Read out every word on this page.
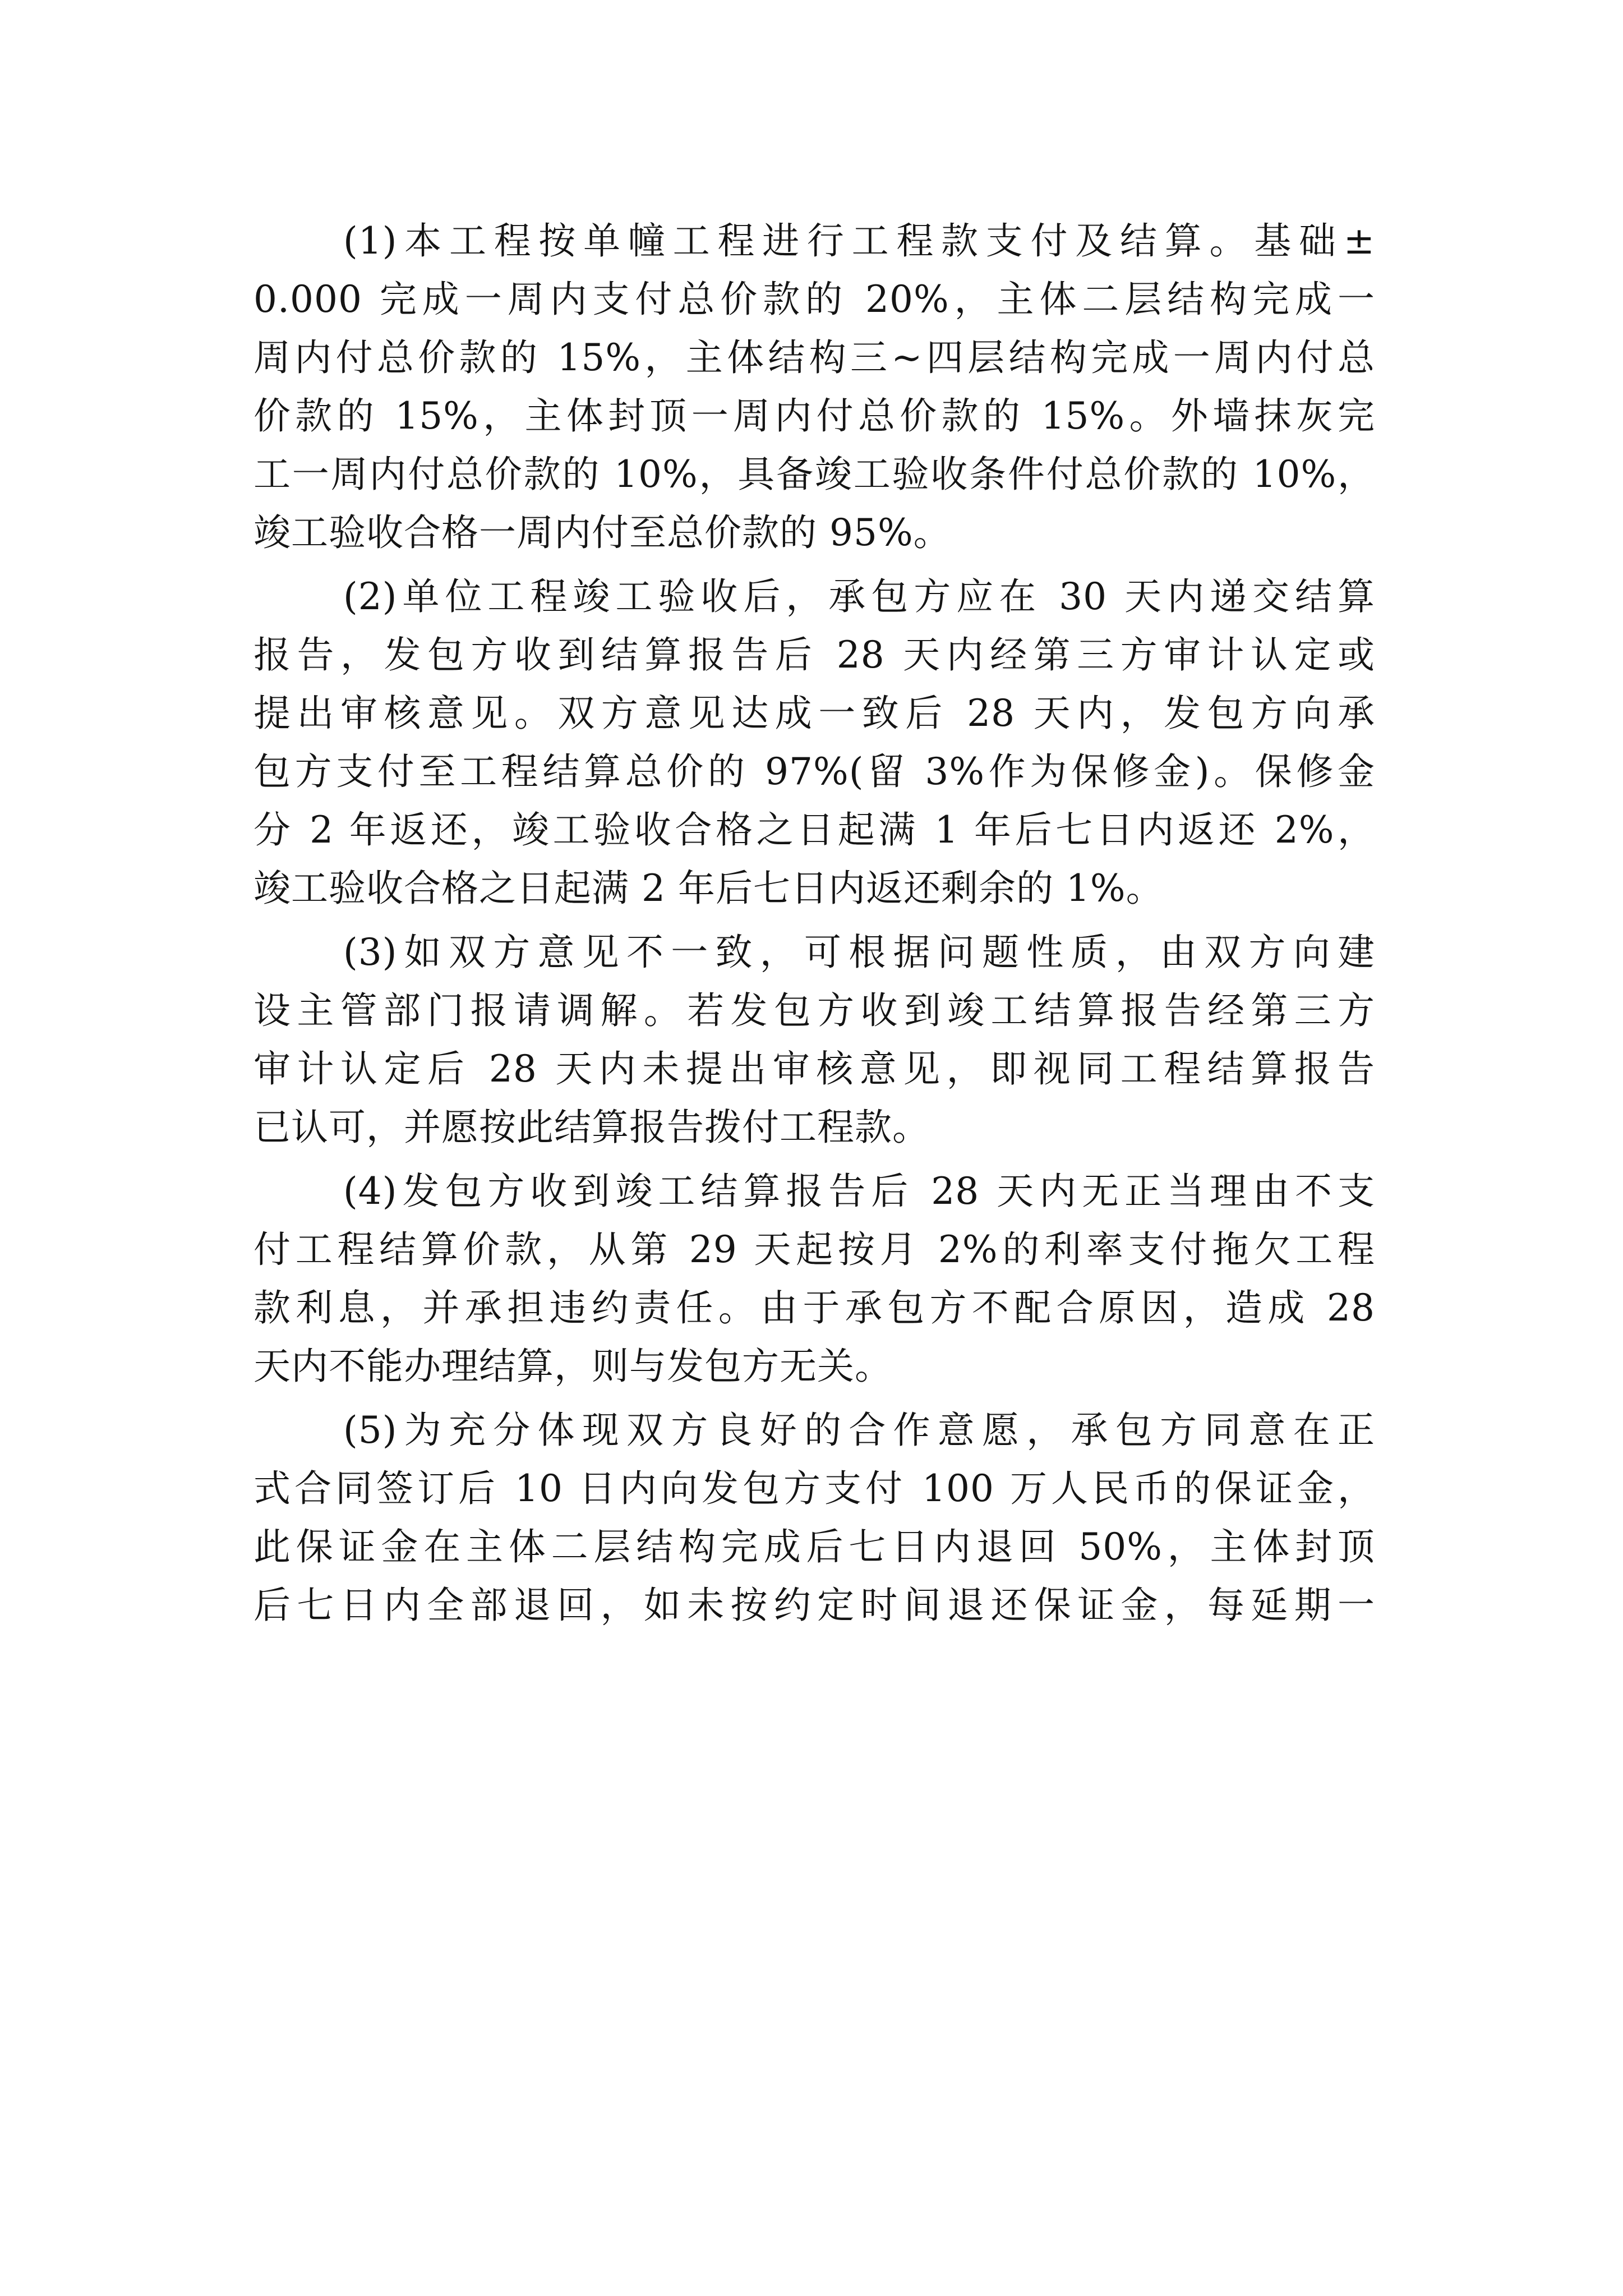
(1)本工程按单幢工程进行工程款支付及结算。基础±
0.000 完成一周内支付总价款的 20%，主体二层结构完成一
周内付总价款的 15%，主体结构三~四层结构完成一周内付总
价款的 15%，主体封顶一周内付总价款的 15%。外墙抹灰完
工一周内付总价款的 10%，具备竣工验收条件付总价款的 10%，
竣工验收合格一周内付至总价款的 95%。
(2)单位工程竣工验收后，承包方应在 30 天内递交结算
报告，发包方收到结算报告后 28 天内经第三方审计认定或
提出审核意见。双方意见达成一致后 28 天内，发包方向承
包方支付至工程结算总价的 97%(留 3%作为保修金)。保修金
分 2 年返还，竣工验收合格之日起满 1 年后七日内返还 2%，
竣工验收合格之日起满 2 年后七日内返还剩余的 1%。
(3)如双方意见不一致，可根据问题性质，由双方向建
设主管部门报请调解。若发包方收到竣工结算报告经第三方
审计认定后 28 天内未提出审核意见，即视同工程结算报告
已认可，并愿按此结算报告拨付工程款。
(4)发包方收到竣工结算报告后 28 天内无正当理由不支
付工程结算价款，从第 29 天起按月 2%的利率支付拖欠工程
款利息，并承担违约责任。由于承包方不配合原因，造成 28
天内不能办理结算，则与发包方无关。
(5)为充分体现双方良好的合作意愿，承包方同意在正
式合同签订后 10 日内向发包方支付 100 万人民币的保证金，
此保证金在主体二层结构完成后七日内退回 50%，主体封顶
后七日内全部退回，如未按约定时间退还保证金，每延期一
